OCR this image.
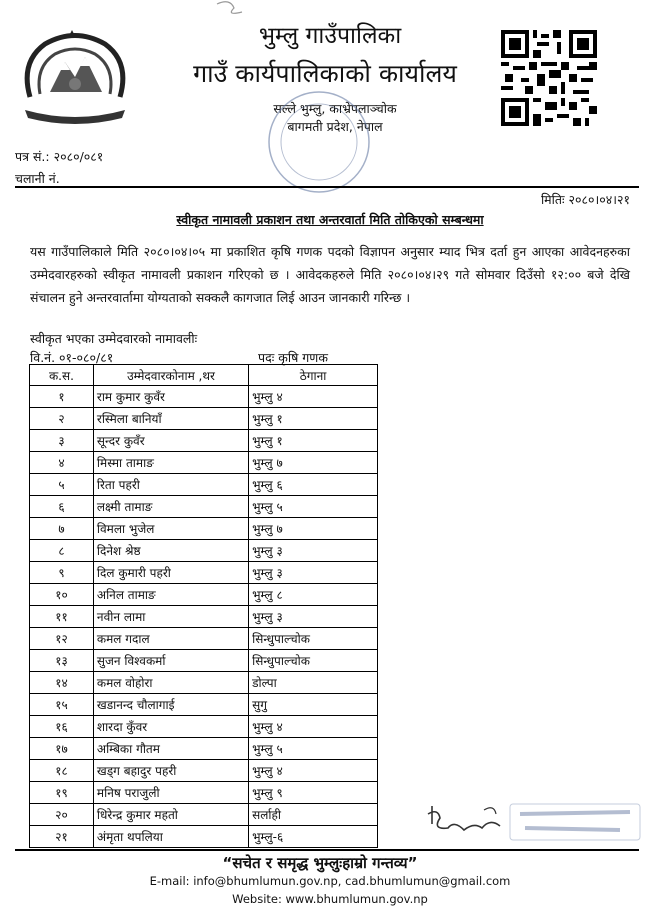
भुम्लु गाउँपालिका
गाउँ कार्यपालिकाको कार्यालय
सल्ले भुम्लु, काभ्रेपलाञ्चोक
बागमती प्रदेश, नेपाल
पत्र सं.: २०८०/०८१
चलानी नं.
मितिः २०८०।०४।२१
स्वीकृत नामावली प्रकाशन तथा अन्तरवार्ता मिति तोकिएको सम्बन्धमा
यस गाउँपालिकाले मिति २०८०।०४।०५ मा प्रकाशित कृषि गणक पदको विज्ञापन अनुसार म्याद भित्र दर्ता हुन आएका आवेदनहरुका उम्मेदवारहरुको स्वीकृत नामावली प्रकाशन गरिएको छ । आवेदकहरुले मिति २०८०।०४।२९ गते सोमवार दिउँसो १२:०० बजे देखि संचालन हुने अन्तरवार्तामा योग्यताको सक्कलै कागजात लिई आउन जानकारी गरिन्छ ।
स्वीकृत भएका उम्मेदवारको नामावलीः
वि.नं. ०१-०८०/८१	पदः कृषि गणक
क.स.	उम्मेदवारकोनाम ,थर	ठेगाना
१	राम कुमार कुवँर	भुम्लु ४
२	रस्मिला बानियाँ	भुम्लु १
३	सून्दर कुवँर	भुम्लु १
४	मिस्मा तामाङ	भुम्लु ७
५	रिता पहरी	भुम्लु ६
६	लक्ष्मी तामाङ	भुम्लु ५
७	विमला भुजेल	भुम्लु ७
८	दिनेश श्रेष्ठ	भुम्लु ३
९	दिल कुमारी पहरी	भुम्लु ३
१०	अनिल तामाङ	भुम्लु ८
११	नवीन लामा	भुम्लु ३
१२	कमल गदाल	सिन्धुपाल्चोक
१३	सुजन विश्वकर्मा	सिन्धुपाल्चोक
१४	कमल वोहोरा	डोल्पा
१५	खडानन्द चौलागाई	सुगु
१६	शारदा कुँवर	भुम्लु ४
१७	अम्बिका गौतम	भुम्लु ५
१८	खड्ग बहादुर पहरी	भुम्लु ४
१९	मनिष पराजुली	भुम्लु ९
२०	धिरेन्द्र कुमार महतो	सर्लाही
२१	अंमृता थपलिया	भुम्लु-६
“सचेत र समृद्ध भुम्लुःहाम्रो गन्तव्य”
E-mail: info@bhumlumun.gov.np, cad.bhumlumun@gmail.com
Website: www.bhumlumun.gov.np
